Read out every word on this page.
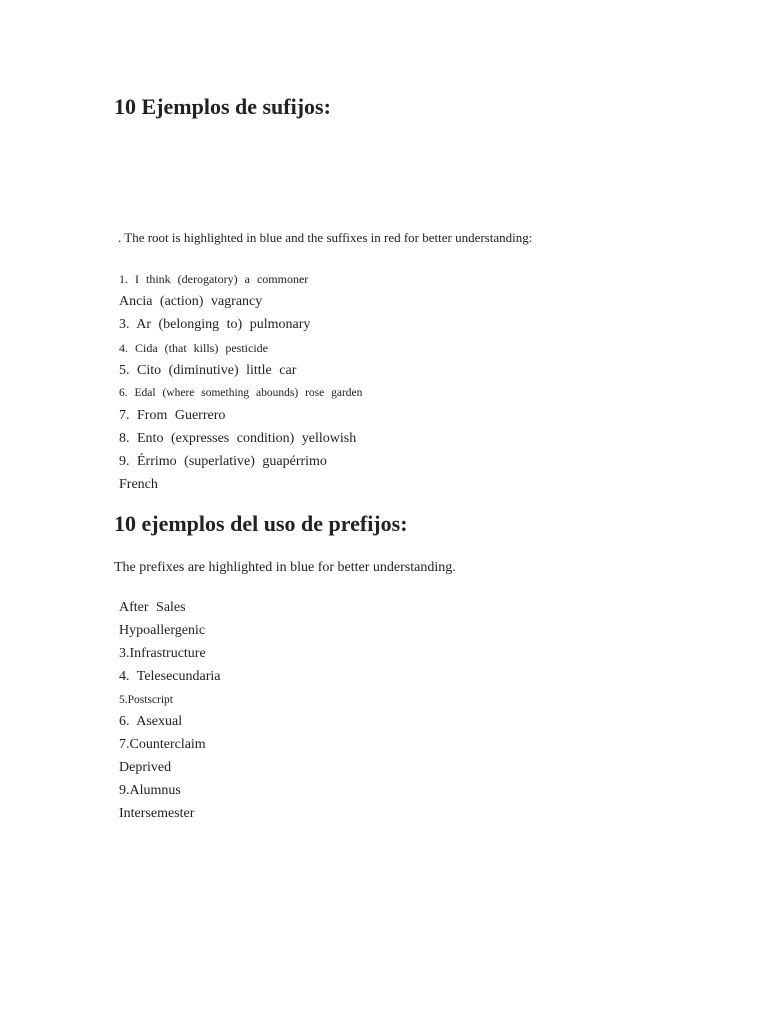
10 Ejemplos de sufijos:

. The root is highlighted in blue and the suffixes in red for better understanding:

1. I think (derogatory) a commoner
Ancia (action) vagrancy
3. Ar (belonging to) pulmonary
4. Cida (that kills) pesticide
5. Cito (diminutive) little car
6. Edal (where something abounds) rose garden
7. From Guerrero
8. Ento (expresses condition) yellowish
9. Érrimo (superlative) guapérrimo
French
10 ejemplos del uso de prefijos:

The prefixes are highlighted in blue for better understanding.

After Sales
Hypoallergenic
3.Infrastructure
4. Telesecundaria
5.Postscript
6. Asexual
7.Counterclaim
Deprived
9.Alumnus
Intersemester
